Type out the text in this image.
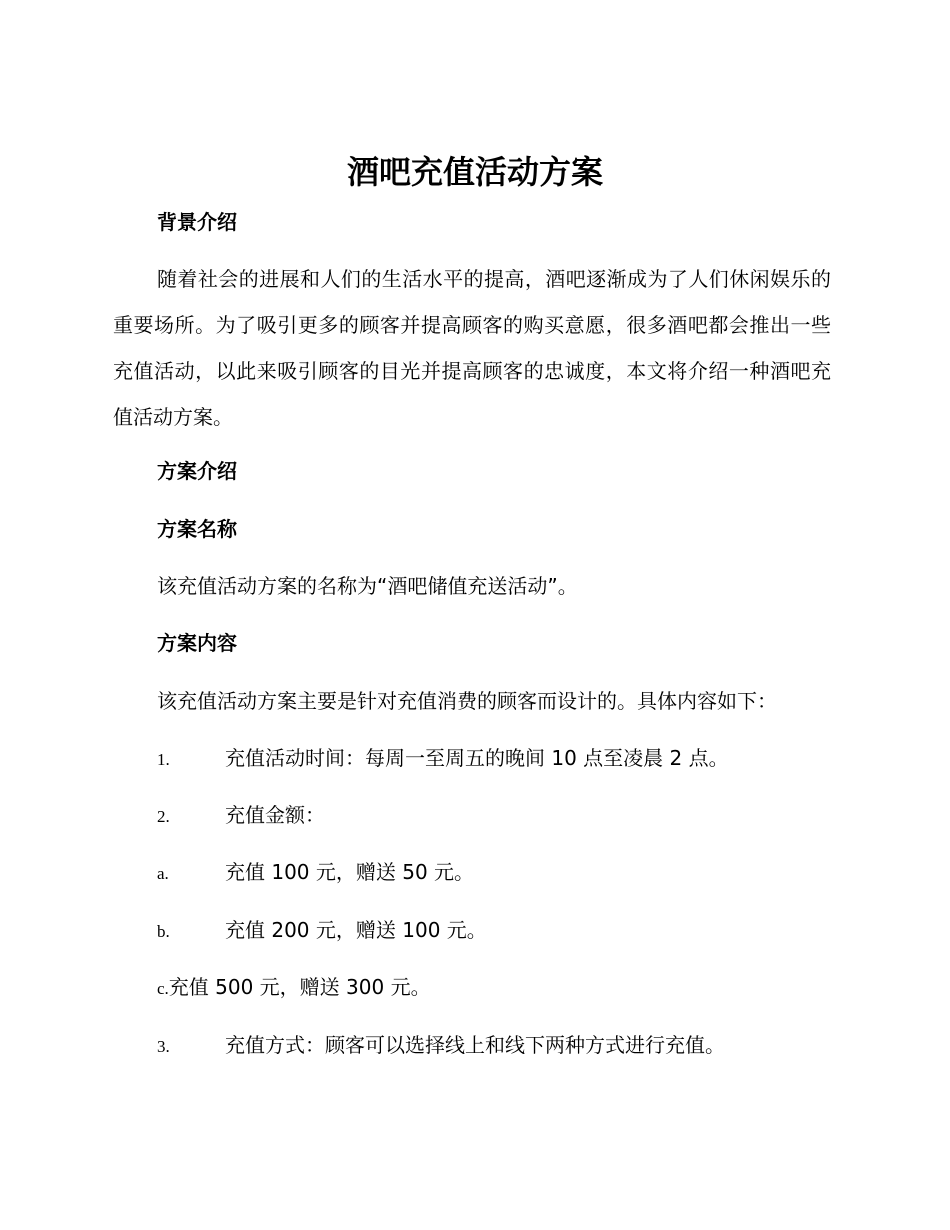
酒吧充值活动方案
背景介绍
随着社会的进展和人们的生活水平的提高，酒吧逐渐成为了人们休闲娱乐的重要场所。为了吸引更多的顾客并提高顾客的购买意愿，很多酒吧都会推出一些充值活动，以此来吸引顾客的目光并提高顾客的忠诚度，本文将介绍一种酒吧充值活动方案。
方案介绍
方案名称
该充值活动方案的名称为“酒吧储值充送活动”。
方案内容
该充值活动方案主要是针对充值消费的顾客而设计的。具体内容如下：
1.	充值活动时间：每周一至周五的晚间 10 点至凌晨 2 点。
2.	充值金额：
a.	充值 100 元，赠送 50 元。
b.	充值 200 元，赠送 100 元。
c.充值 500 元，赠送 300 元。
3.	充值方式：顾客可以选择线上和线下两种方式进行充值。
